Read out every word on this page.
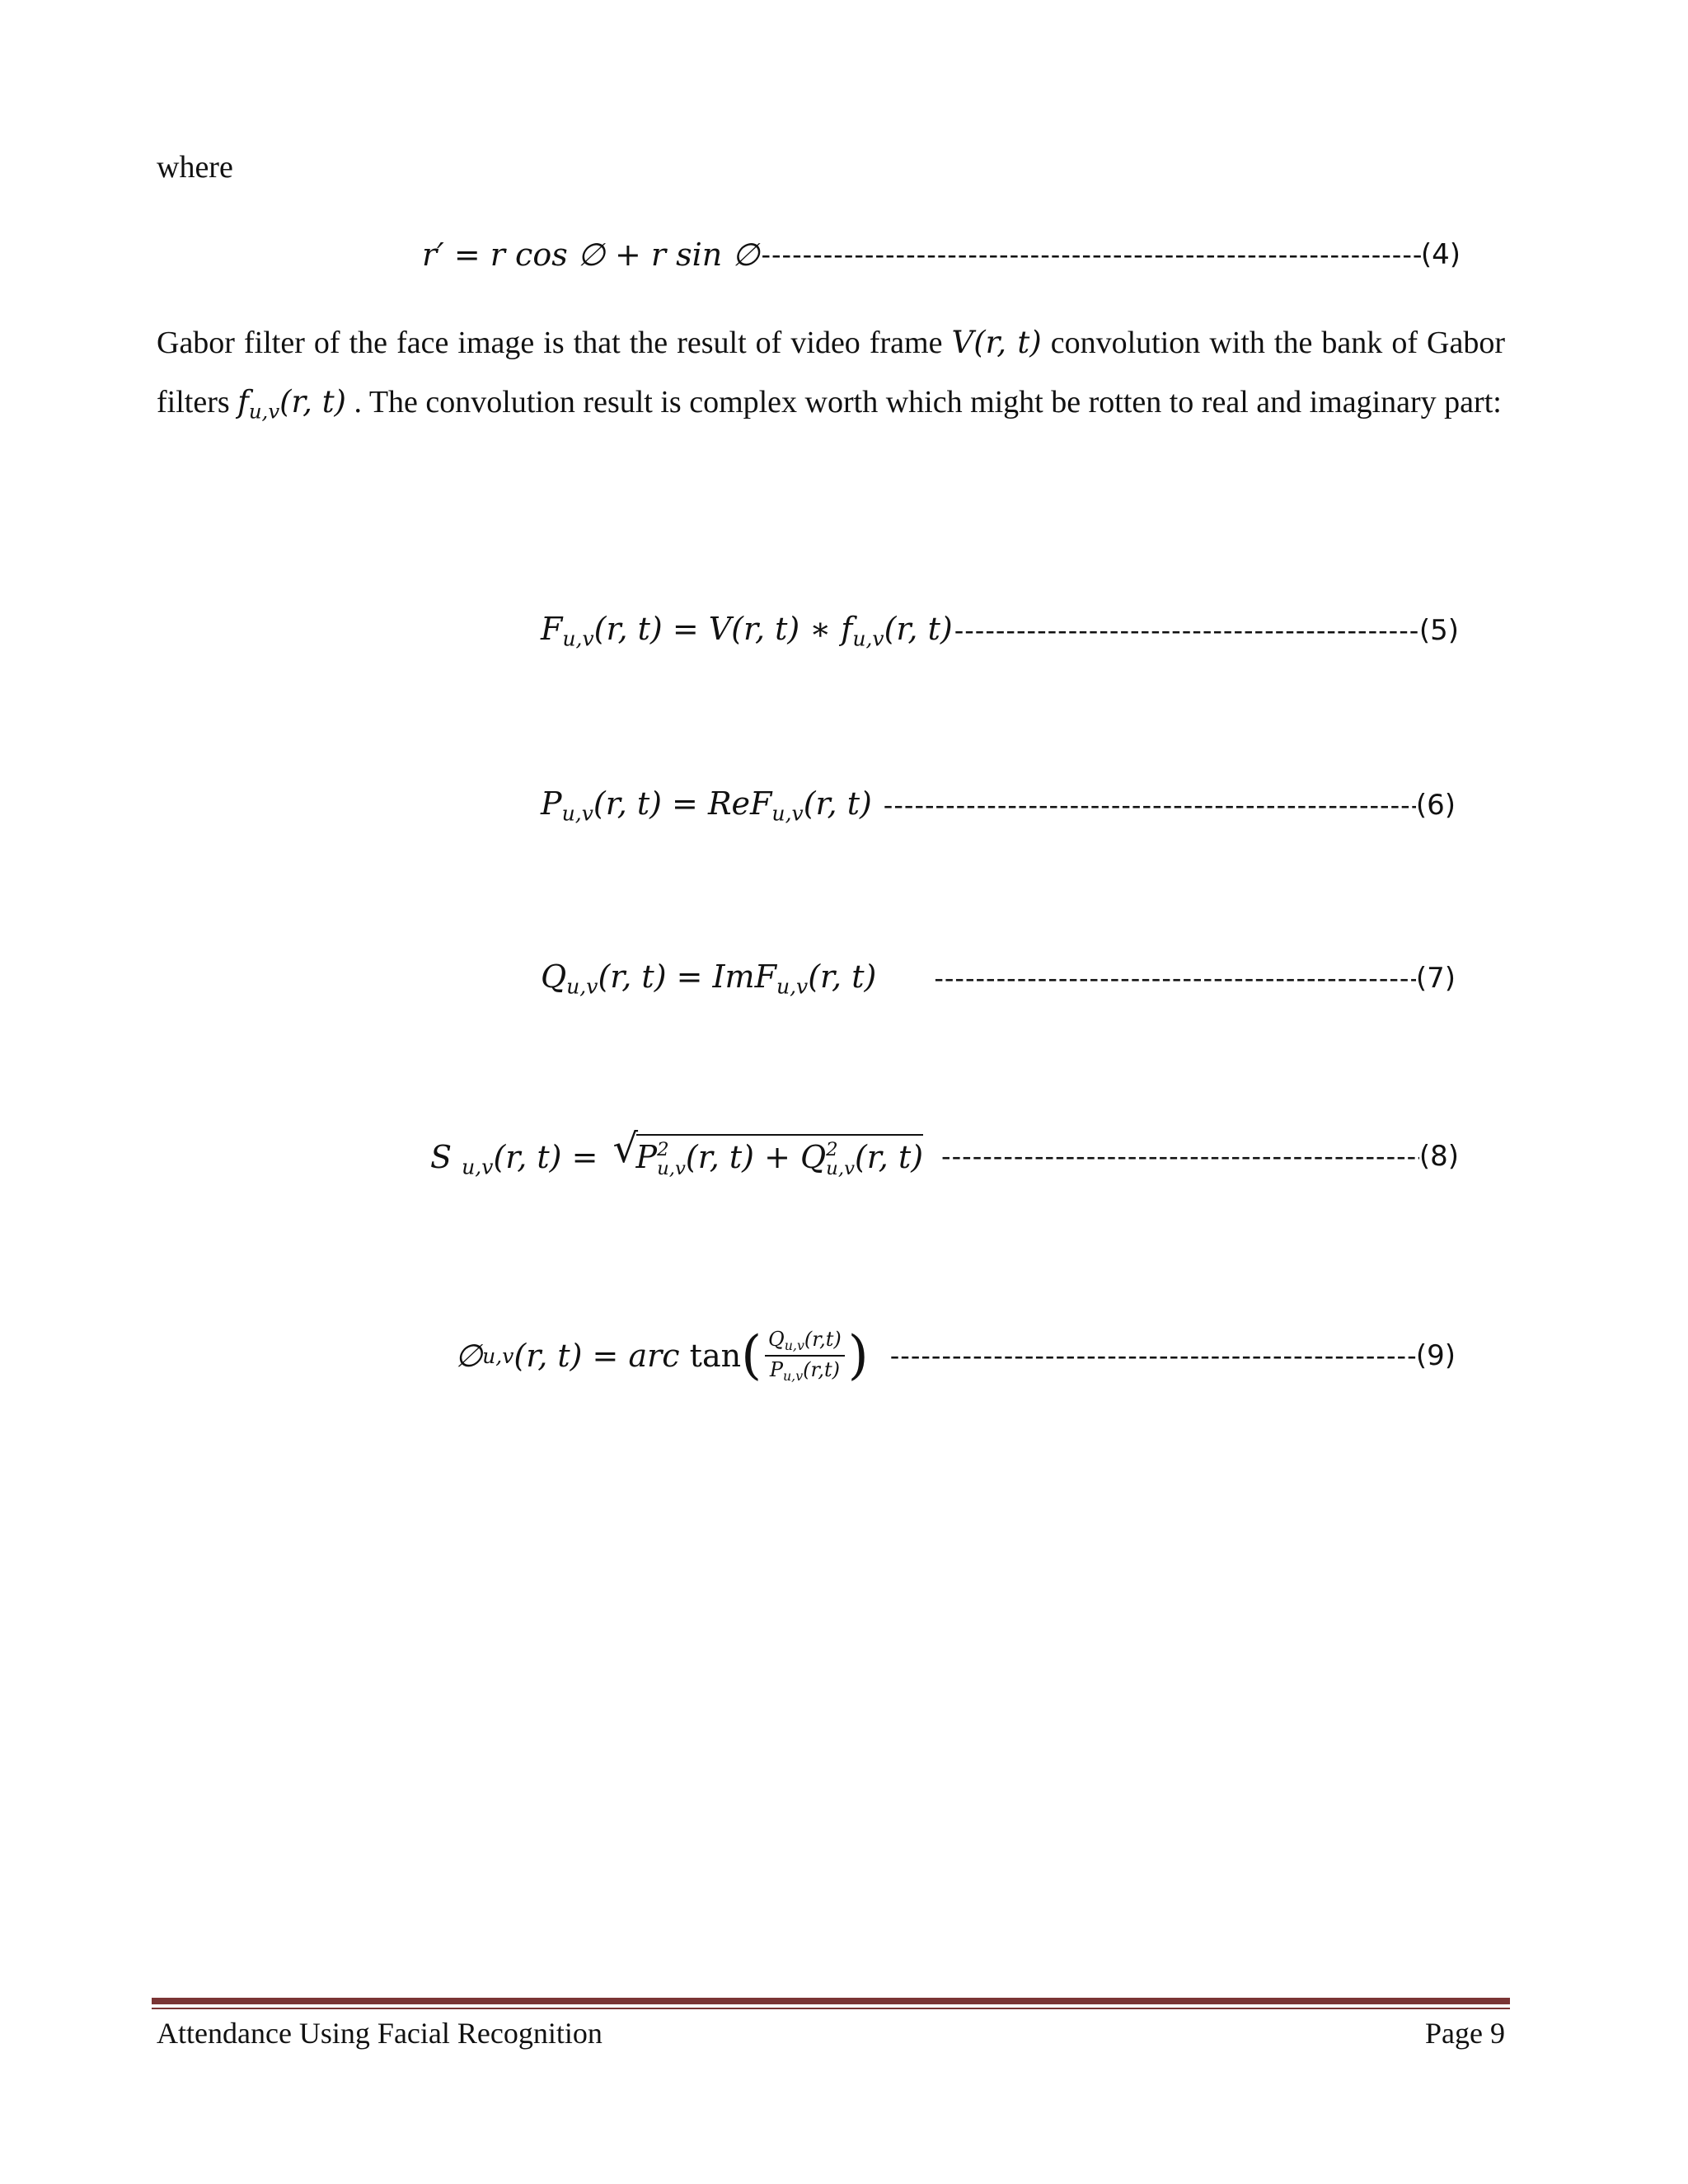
where
r′ = r cos ∅ + r sin ∅ -----	(4)
Gabor filter of the face image is that the result of video frame V(r, t) convolution with the bank of Gabor filters $f_{u,v}(r$, t) . The convolution result is complex worth which might be rotten to real and imaginary part:
$F_{u,v}(r$, t) = V(r, t) ∗ $f_{u,v}(r$, t) -----	(5)
$P_{u,v}(r$, t) = ReF$_{u,v}$(r, t) -----	(6)
$Q_{u,v}(r$, t) = ImF$_{u,v}$(r, t) -----	(7)
S $_{u,v}$(r, t) = √
P 2
u,v (r, t) + Q 2
u,v (r, t) -----	(8)
∅ u,v (r, t) = arc
tan ( $\frac{Q_{u,v}(r,t)}{P_{u,v}(r,t)}$ ) -----	(9)
Attendance Using Facial Recognition	Page 9
